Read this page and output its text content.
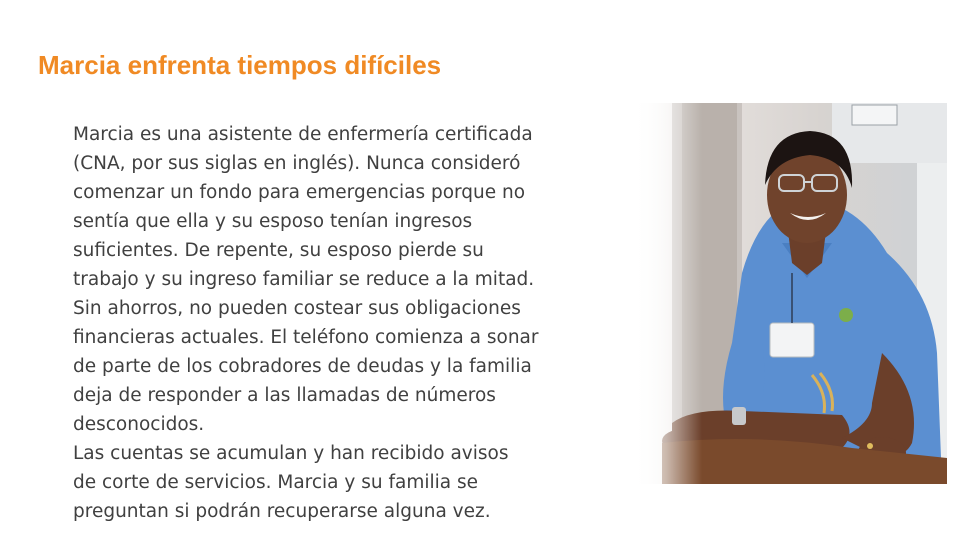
Marcia enfrenta tiempos difíciles

Marcia es una asistente de enfermería certificada
(CNA, por sus siglas en inglés). Nunca consideró
comenzar un fondo para emergencias porque no
sentía que ella y su esposo tenían ingresos
suficientes. De repente, su esposo pierde su
trabajo y su ingreso familiar se reduce a la mitad.
Sin ahorros, no pueden costear sus obligaciones
financieras actuales. El teléfono comienza a sonar
de parte de los cobradores de deudas y la familia
deja de responder a las llamadas de números
desconocidos.

Las cuentas se acumulan y han recibido avisos
de corte de servicios. Marcia y su familia se
preguntan si podrán recuperarse alguna vez.
